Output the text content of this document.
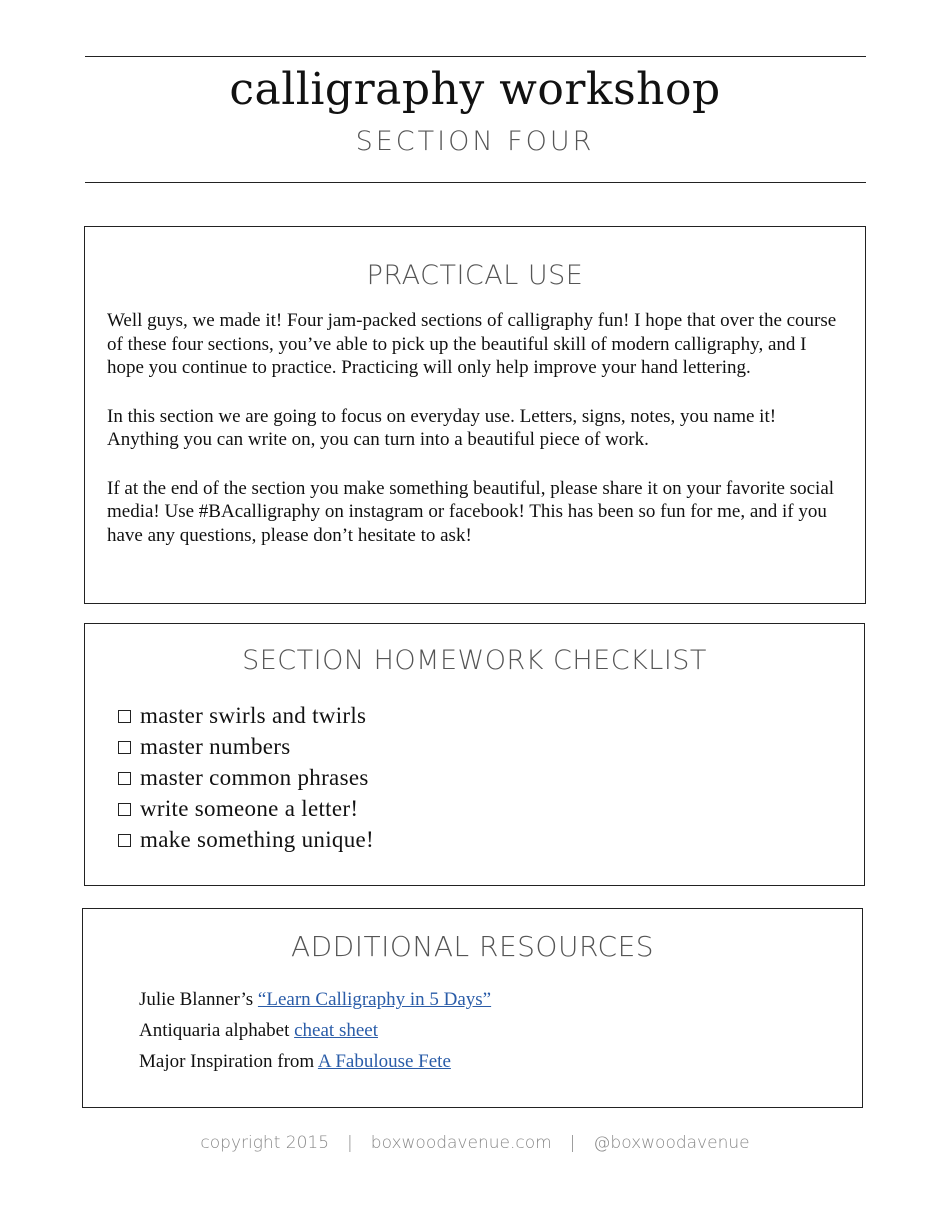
calligraphy workshop
SECTION FOUR
PRACTICAL USE

Well guys, we made it! Four jam-packed sections of calligraphy fun! I hope that over the course of these four sections, you’ve able to pick up the beautiful skill of modern calligraphy, and I hope you continue to practice. Practicing will only help improve your hand lettering.

In this section we are going to focus on everyday use. Letters, signs, notes, you name it! Anything you can write on, you can turn into a beautiful piece of work.

If at the end of the section you make something beautiful, please share it on your favorite social media! Use #BAcalligraphy on instagram or facebook! This has been so fun for me, and if you have any questions, please don’t hesitate to ask!

SECTION HOMEWORK CHECKLIST
master swirls and twirls
master numbers
master common phrases
write someone a letter!
make something unique!
ADDITIONAL RESOURCES
Julie Blanner’s “Learn Calligraphy in 5 Days”
Antiquaria alphabet cheat sheet
Major Inspiration from A Fabulouse Fete
copyright 2015 | boxwoodavenue.com | @boxwoodavenue
